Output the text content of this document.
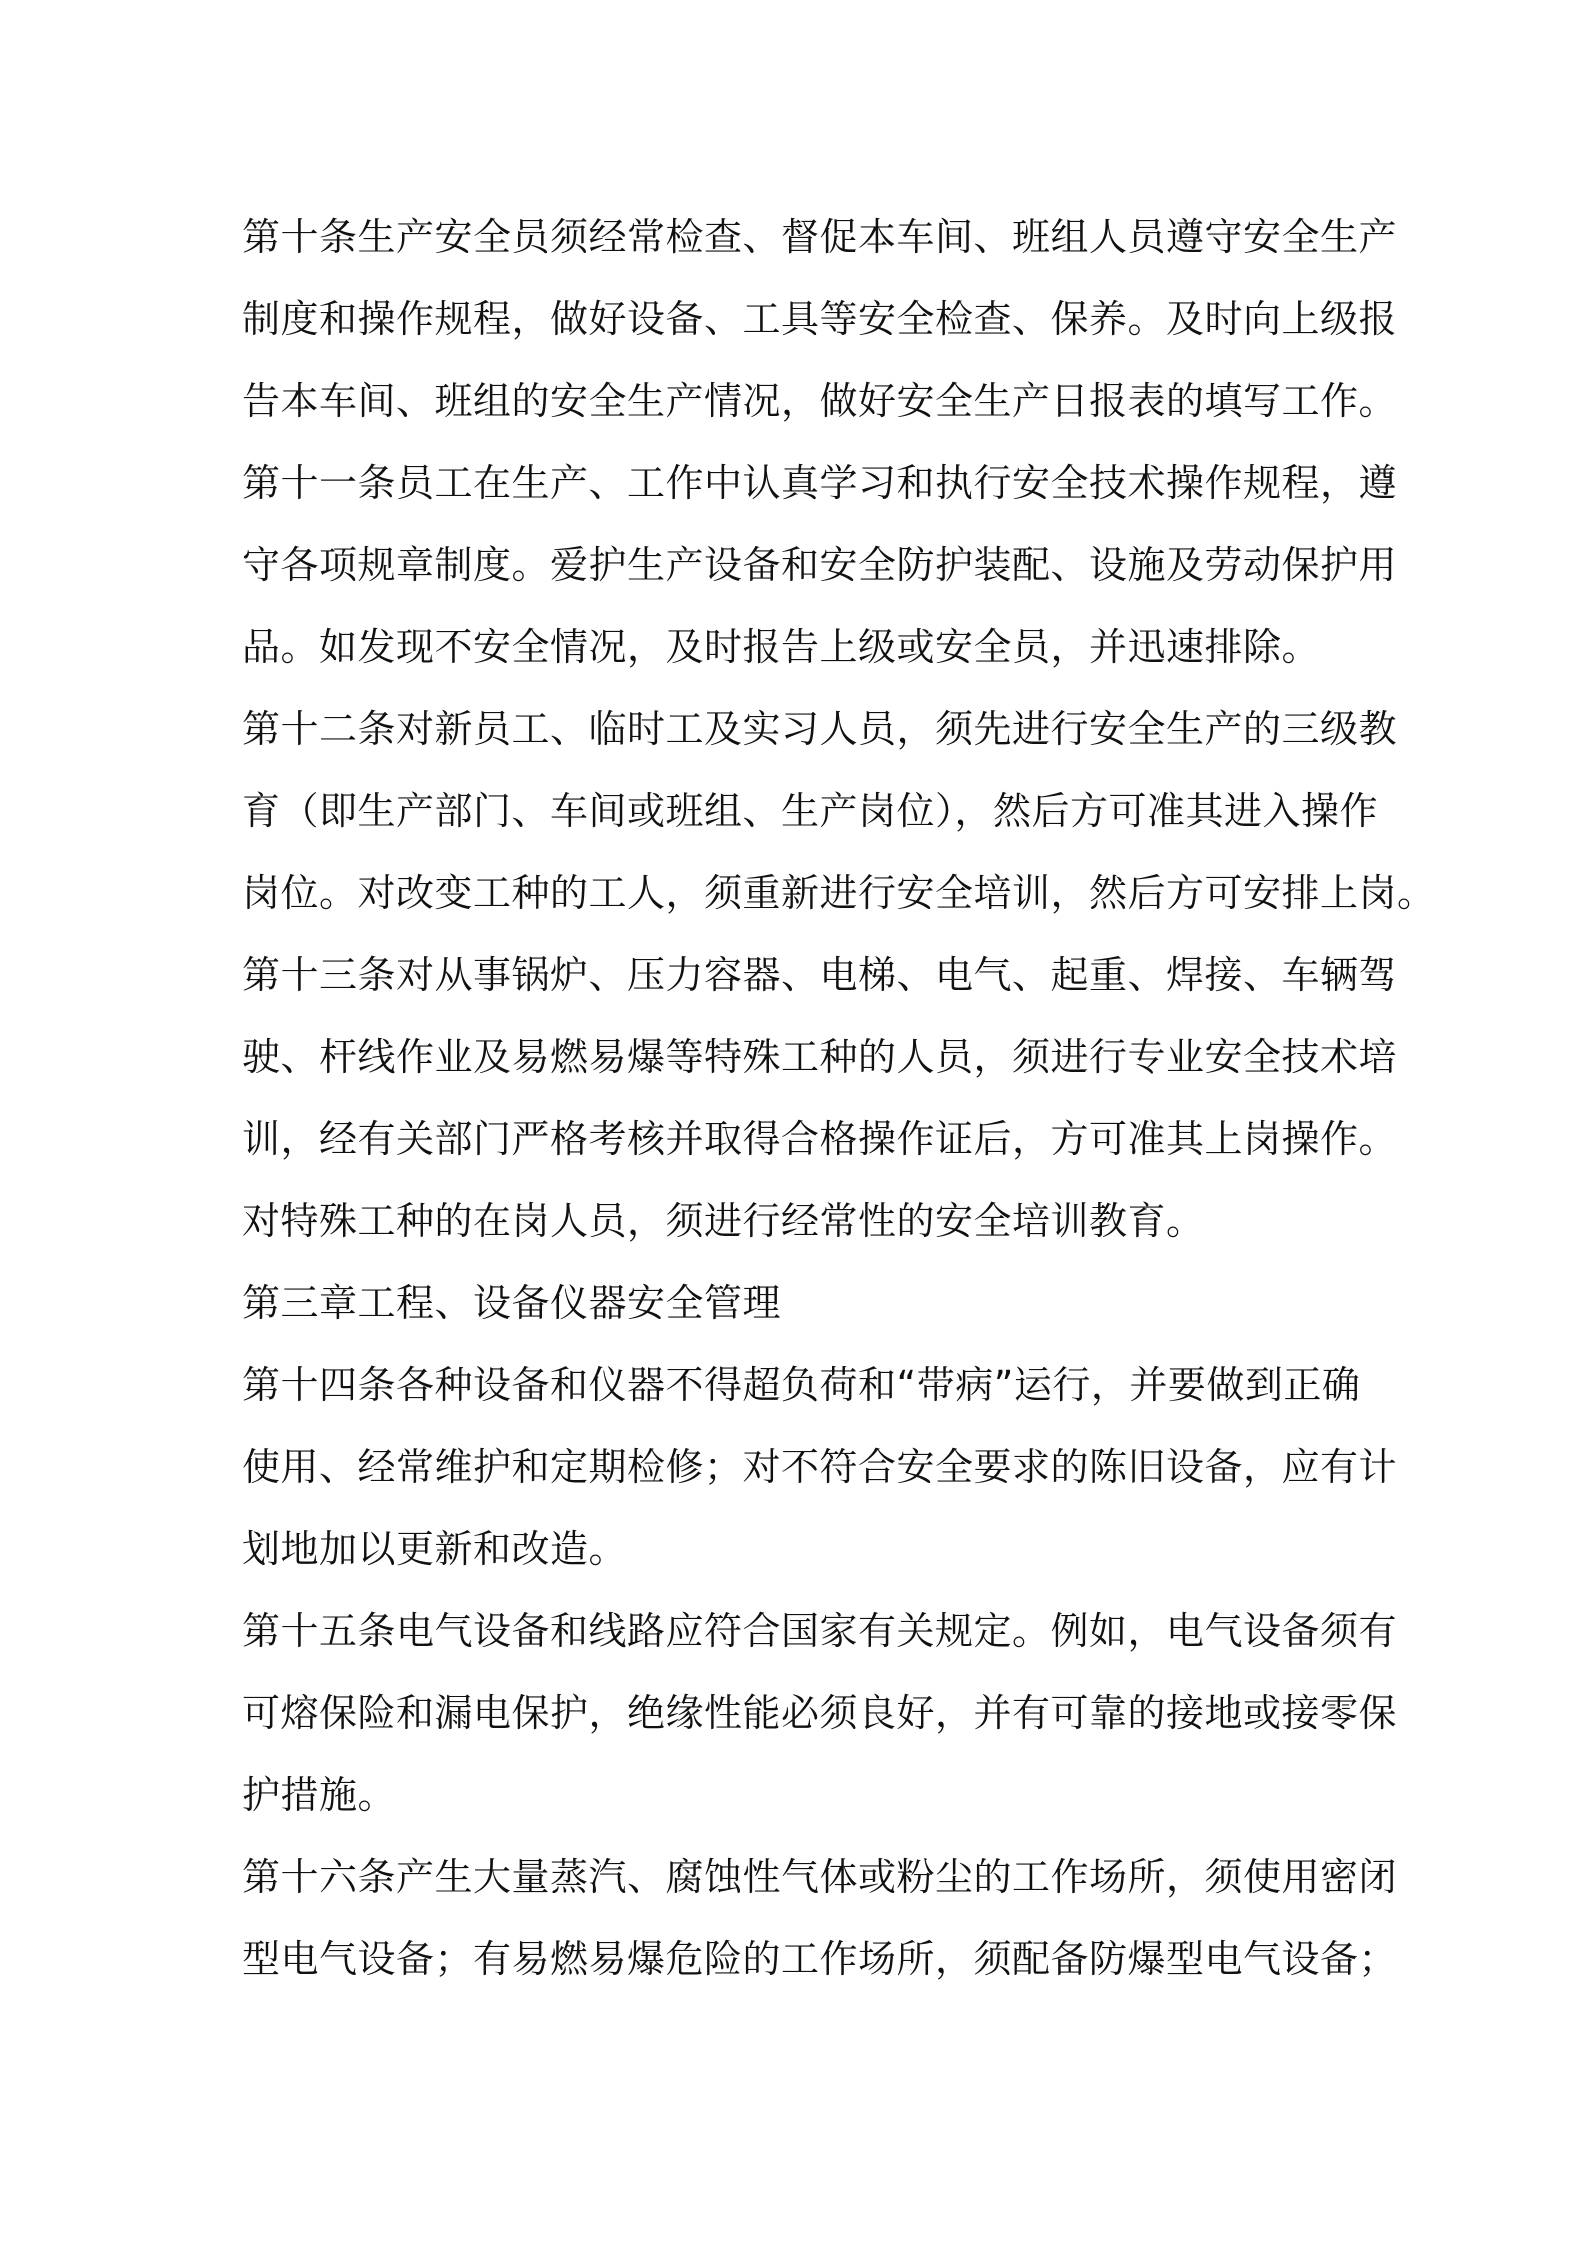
第十条生产安全员须经常检查、督促本车间、班组人员遵守安全生产
制度和操作规程，做好设备、工具等安全检查、保养。及时向上级报
告本车间、班组的安全生产情况，做好安全生产日报表的填写工作。
第十一条员工在生产、工作中认真学习和执行安全技术操作规程，遵
守各项规章制度。爱护生产设备和安全防护装配、设施及劳动保护用
品。如发现不安全情况，及时报告上级或安全员，并迅速排除。
第十二条对新员工、临时工及实习人员，须先进行安全生产的三级教
育（即生产部门、车间或班组、生产岗位），然后方可准其进入操作
岗位。对改变工种的工人，须重新进行安全培训，然后方可安排上岗。
第十三条对从事锅炉、压力容器、电梯、电气、起重、焊接、车辆驾
驶、杆线作业及易燃易爆等特殊工种的人员，须进行专业安全技术培
训，经有关部门严格考核并取得合格操作证后，方可准其上岗操作。
对特殊工种的在岗人员，须进行经常性的安全培训教育。
第三章工程、设备仪器安全管理
第十四条各种设备和仪器不得超负荷和“带病”运行，并要做到正确
使用、经常维护和定期检修；对不符合安全要求的陈旧设备，应有计
划地加以更新和改造。
第十五条电气设备和线路应符合国家有关规定。例如，电气设备须有
可熔保险和漏电保护，绝缘性能必须良好，并有可靠的接地或接零保
护措施。
第十六条产生大量蒸汽、腐蚀性气体或粉尘的工作场所，须使用密闭
型电气设备；有易燃易爆危险的工作场所，须配备防爆型电气设备；
